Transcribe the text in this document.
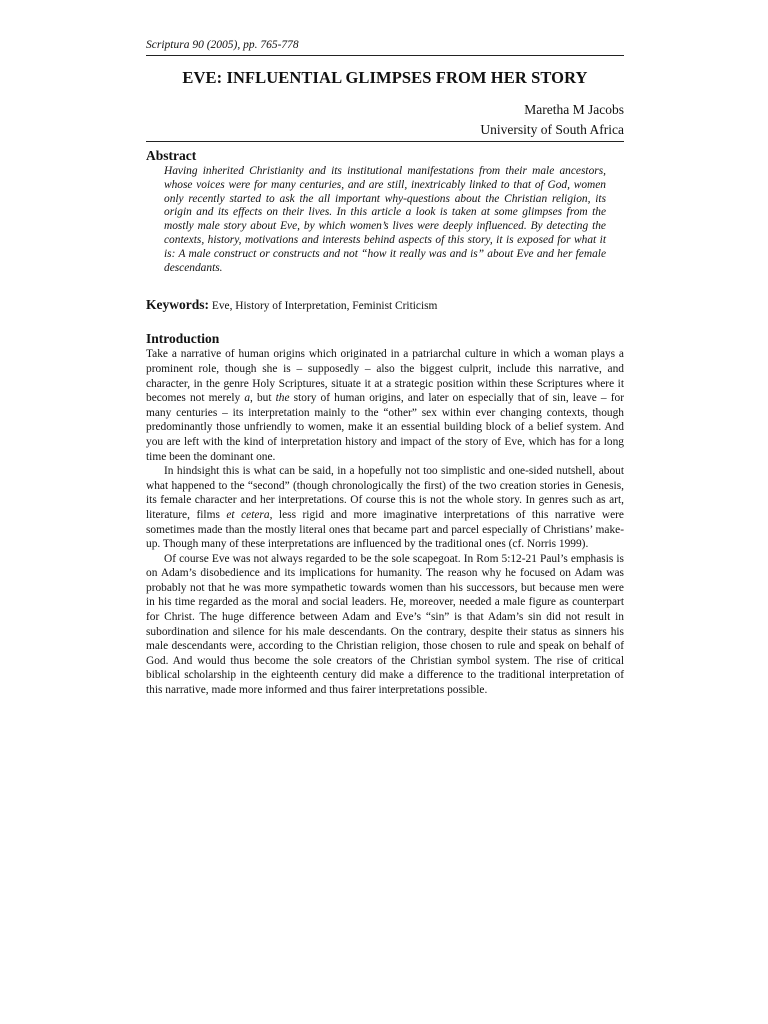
Scriptura 90 (2005), pp. 765-778
EVE: INFLUENTIAL GLIMPSES FROM HER STORY
Maretha M Jacobs
University of South Africa
Abstract

Having inherited Christianity and its institutional manifestations from their male ancestors, whose voices were for many centuries, and are still, inextricably linked to that of God, women only recently started to ask the all important why-questions about the Christian religion, its origin and its effects on their lives. In this article a look is taken at some glimpses from the mostly male story about Eve, by which women’s lives were deeply influenced. By detecting the contexts, history, motivations and interests behind aspects of this story, it is exposed for what it is: A male construct or constructs and not “how it really was and is” about Eve and her female descendants.

Keywords: Eve, History of Interpretation, Feminist Criticism
Introduction

Take a narrative of human origins which originated in a patriarchal culture in which a woman plays a prominent role, though she is – supposedly – also the biggest culprit, include this narrative, and character, in the genre Holy Scriptures, situate it at a strategic position within these Scriptures where it becomes not merely a, but the story of human origins, and later on especially that of sin, leave – for many centuries – its interpretation mainly to the “other” sex within ever changing contexts, though predominantly those unfriendly to women, make it an essential building block of a belief system. And you are left with the kind of interpretation history and impact of the story of Eve, which has for a long time been the dominant one.

In hindsight this is what can be said, in a hopefully not too simplistic and one-sided nutshell, about what happened to the “second” (though chronologically the first) of the two creation stories in Genesis, its female character and her interpretations. Of course this is not the whole story. In genres such as art, literature, films et cetera, less rigid and more imaginative interpretations of this narrative were sometimes made than the mostly literal ones that became part and parcel especially of Christians’ make-up. Though many of these interpretations are influenced by the traditional ones (cf. Norris 1999).

Of course Eve was not always regarded to be the sole scapegoat. In Rom 5:12-21 Paul’s emphasis is on Adam’s disobedience and its implications for humanity. The reason why he focused on Adam was probably not that he was more sympathetic towards women than his successors, but because men were in his time regarded as the moral and social leaders. He, moreover, needed a male figure as counterpart for Christ. The huge difference between Adam and Eve’s “sin” is that Adam’s sin did not result in subordination and silence for his male descendants. On the contrary, despite their status as sinners his male descendants were, according to the Christian religion, those chosen to rule and speak on behalf of God. And would thus become the sole creators of the Christian symbol system. The rise of critical biblical scholarship in the eighteenth century did make a difference to the traditional interpretation of this narrative, made more informed and thus fairer interpretations possible.
